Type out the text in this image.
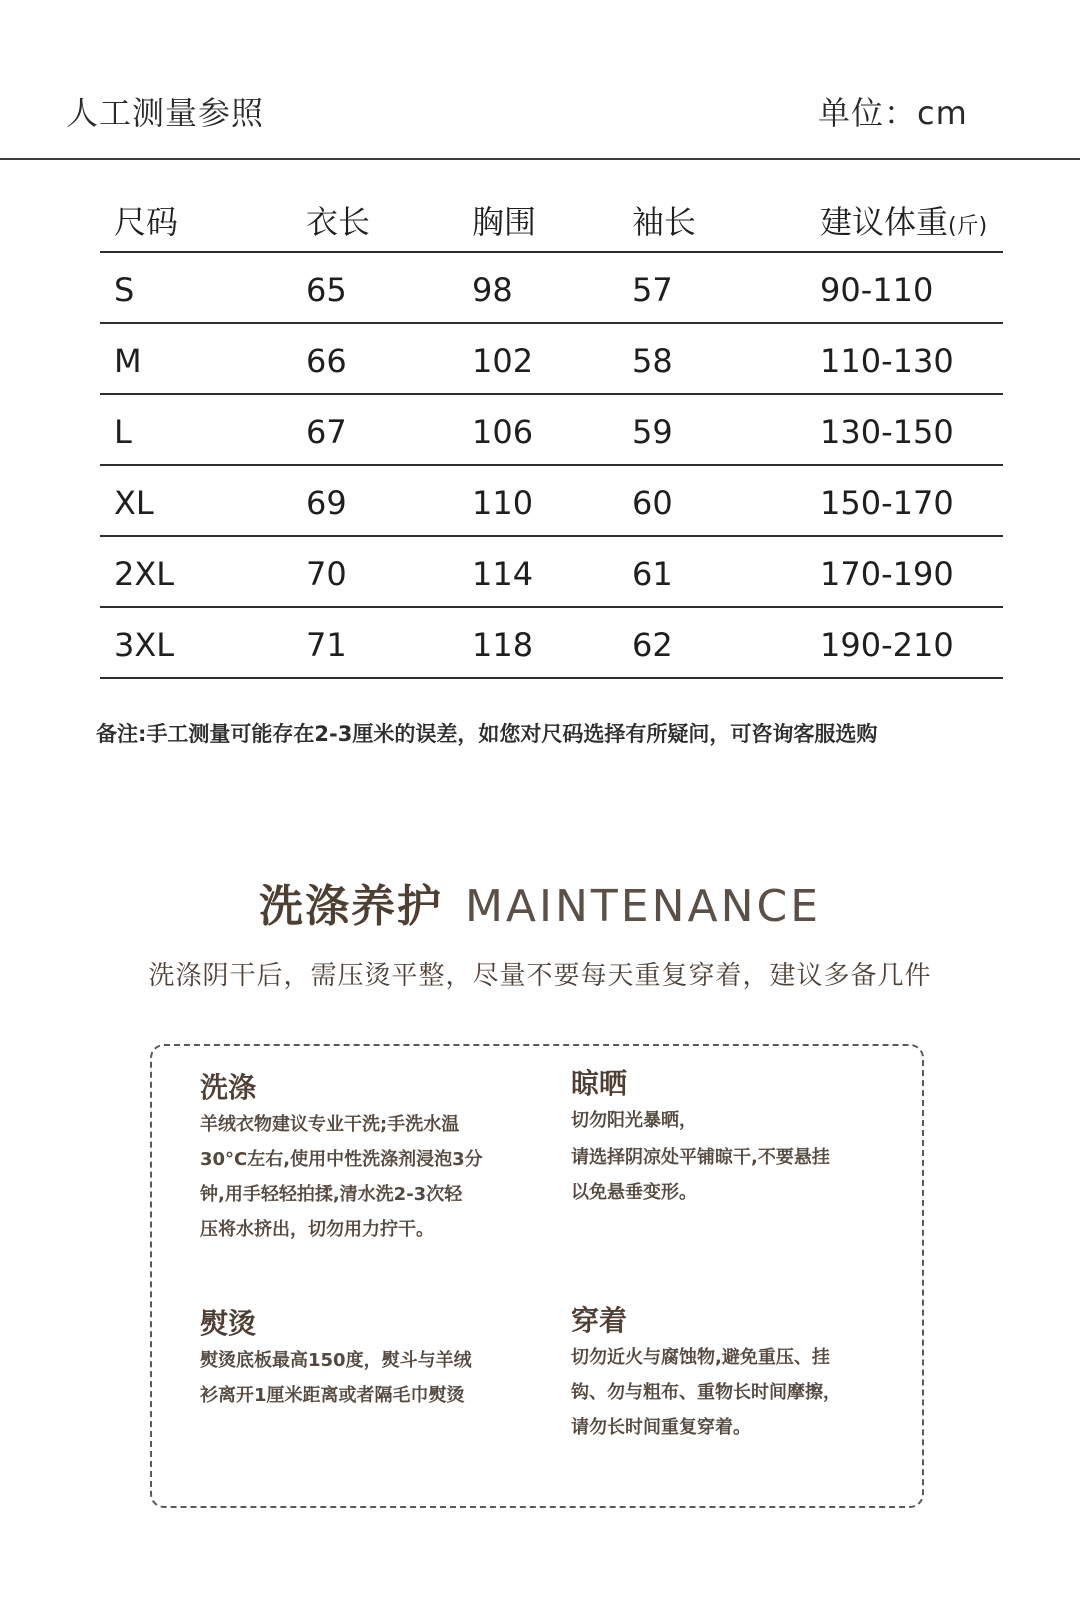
人工测量参照	单位：cm
尺码	衣长	胸围	袖长	建议体重(斤)
S	65	98	57	90-110
M	66	102	58	110-130
L	67	106	59	130-150
XL	69	110	60	150-170
2XL	70	114	61	170-190
3XL	71	118	62	190-210
备注:手工测量可能存在2-3厘米的误差，如您对尺码选择有所疑问，可咨询客服选购
洗涤养护 MAINTENANCE
洗涤阴干后，需压烫平整，尽量不要每天重复穿着，建议多备几件
洗涤
羊绒衣物建议专业干洗;手洗水温
30°C左右,使用中性洗涤剂浸泡3分
钟,用手轻轻拍揉,清水洗2-3次轻
压将水挤出，切勿用力拧干。
晾晒
切勿阳光暴晒，
请选择阴凉处平铺晾干,不要悬挂
以免悬垂变形。
熨烫
熨烫底板最高150度，熨斗与羊绒
衫离开1厘米距离或者隔毛巾熨烫
穿着
切勿近火与腐蚀物,避免重压、挂
钩、勿与粗布、重物长时间摩擦，
请勿长时间重复穿着。
